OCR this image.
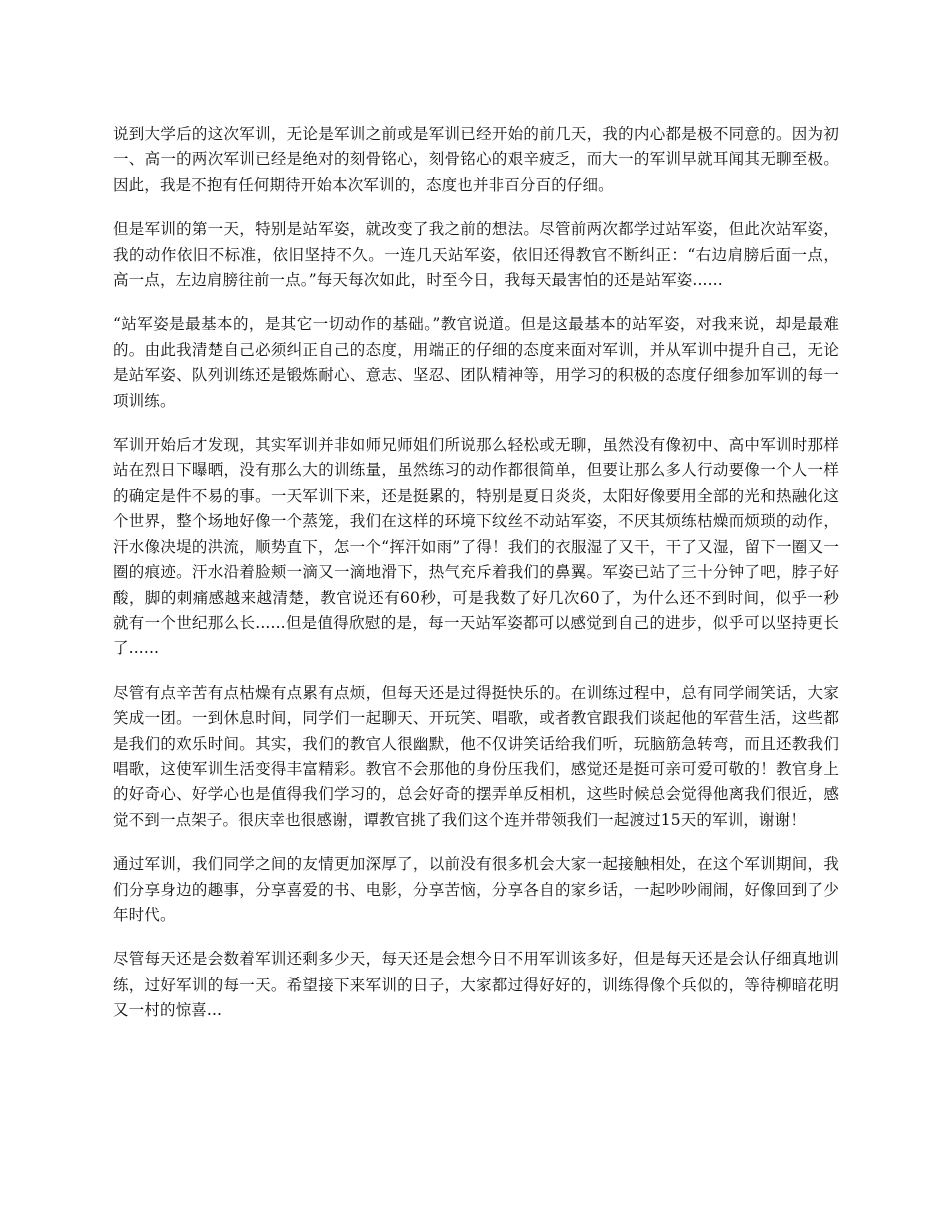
说到大学后的这次军训，无论是军训之前或是军训已经开始的前几天，我的内心都是极不同意的。因为初一、高一的两次军训已经是绝对的刻骨铭心，刻骨铭心的艰辛疲乏，而大一的军训早就耳闻其无聊至极。因此，我是不抱有任何期待开始本次军训的，态度也并非百分百的仔细。

但是军训的第一天，特别是站军姿，就改变了我之前的想法。尽管前两次都学过站军姿，但此次站军姿，我的动作依旧不标准，依旧坚持不久。一连几天站军姿，依旧还得教官不断纠正：“右边肩膀后面一点，高一点，左边肩膀往前一点。”每天每次如此，时至今日，我每天最害怕的还是站军姿......

“站军姿是最基本的，是其它一切动作的基础。”教官说道。但是这最基本的站军姿，对我来说，却是最难的。由此我清楚自己必须纠正自己的态度，用端正的仔细的态度来面对军训，并从军训中提升自己，无论是站军姿、队列训练还是锻炼耐心、意志、坚忍、团队精神等，用学习的积极的态度仔细参加军训的每一项训练。

军训开始后才发现，其实军训并非如师兄师姐们所说那么轻松或无聊，虽然没有像初中、高中军训时那样站在烈日下曝晒，没有那么大的训练量，虽然练习的动作都很简单，但要让那么多人行动要像一个人一样的确定是件不易的事。一天军训下来，还是挺累的，特别是夏日炎炎，太阳好像要用全部的光和热融化这个世界，整个场地好像一个蒸笼，我们在这样的环境下纹丝不动站军姿，不厌其烦练枯燥而烦琐的动作，汗水像决堤的洪流，顺势直下，怎一个“挥汗如雨”了得！我们的衣服湿了又干，干了又湿，留下一圈又一圈的痕迹。汗水沿着脸颊一滴又一滴地滑下，热气充斥着我们的鼻翼。军姿已站了三十分钟了吧，脖子好酸，脚的刺痛感越来越清楚，教官说还有60秒，可是我数了好几次60了，为什么还不到时间，似乎一秒就有一个世纪那么长......但是值得欣慰的是，每一天站军姿都可以感觉到自己的进步，似乎可以坚持更长了......

尽管有点辛苦有点枯燥有点累有点烦，但每天还是过得挺快乐的。在训练过程中，总有同学闹笑话，大家笑成一团。一到休息时间，同学们一起聊天、开玩笑、唱歌，或者教官跟我们谈起他的军营生活，这些都是我们的欢乐时间。其实，我们的教官人很幽默，他不仅讲笑话给我们听，玩脑筋急转弯，而且还教我们唱歌，这使军训生活变得丰富精彩。教官不会那他的身份压我们，感觉还是挺可亲可爱可敬的！教官身上的好奇心、好学心也是值得我们学习的，总会好奇的摆弄单反相机，这些时候总会觉得他离我们很近，感觉不到一点架子。很庆幸也很感谢，谭教官挑了我们这个连并带领我们一起渡过15天的军训，谢谢！

通过军训，我们同学之间的友情更加深厚了，以前没有很多机会大家一起接触相处，在这个军训期间，我们分享身边的趣事，分享喜爱的书、电影，分享苦恼，分享各自的家乡话，一起吵吵闹闹，好像回到了少年时代。

尽管每天还是会数着军训还剩多少天，每天还是会想今日不用军训该多好，但是每天还是会认仔细真地训练，过好军训的每一天。希望接下来军训的日子，大家都过得好好的，训练得像个兵似的，等待柳暗花明又一村的惊喜...
